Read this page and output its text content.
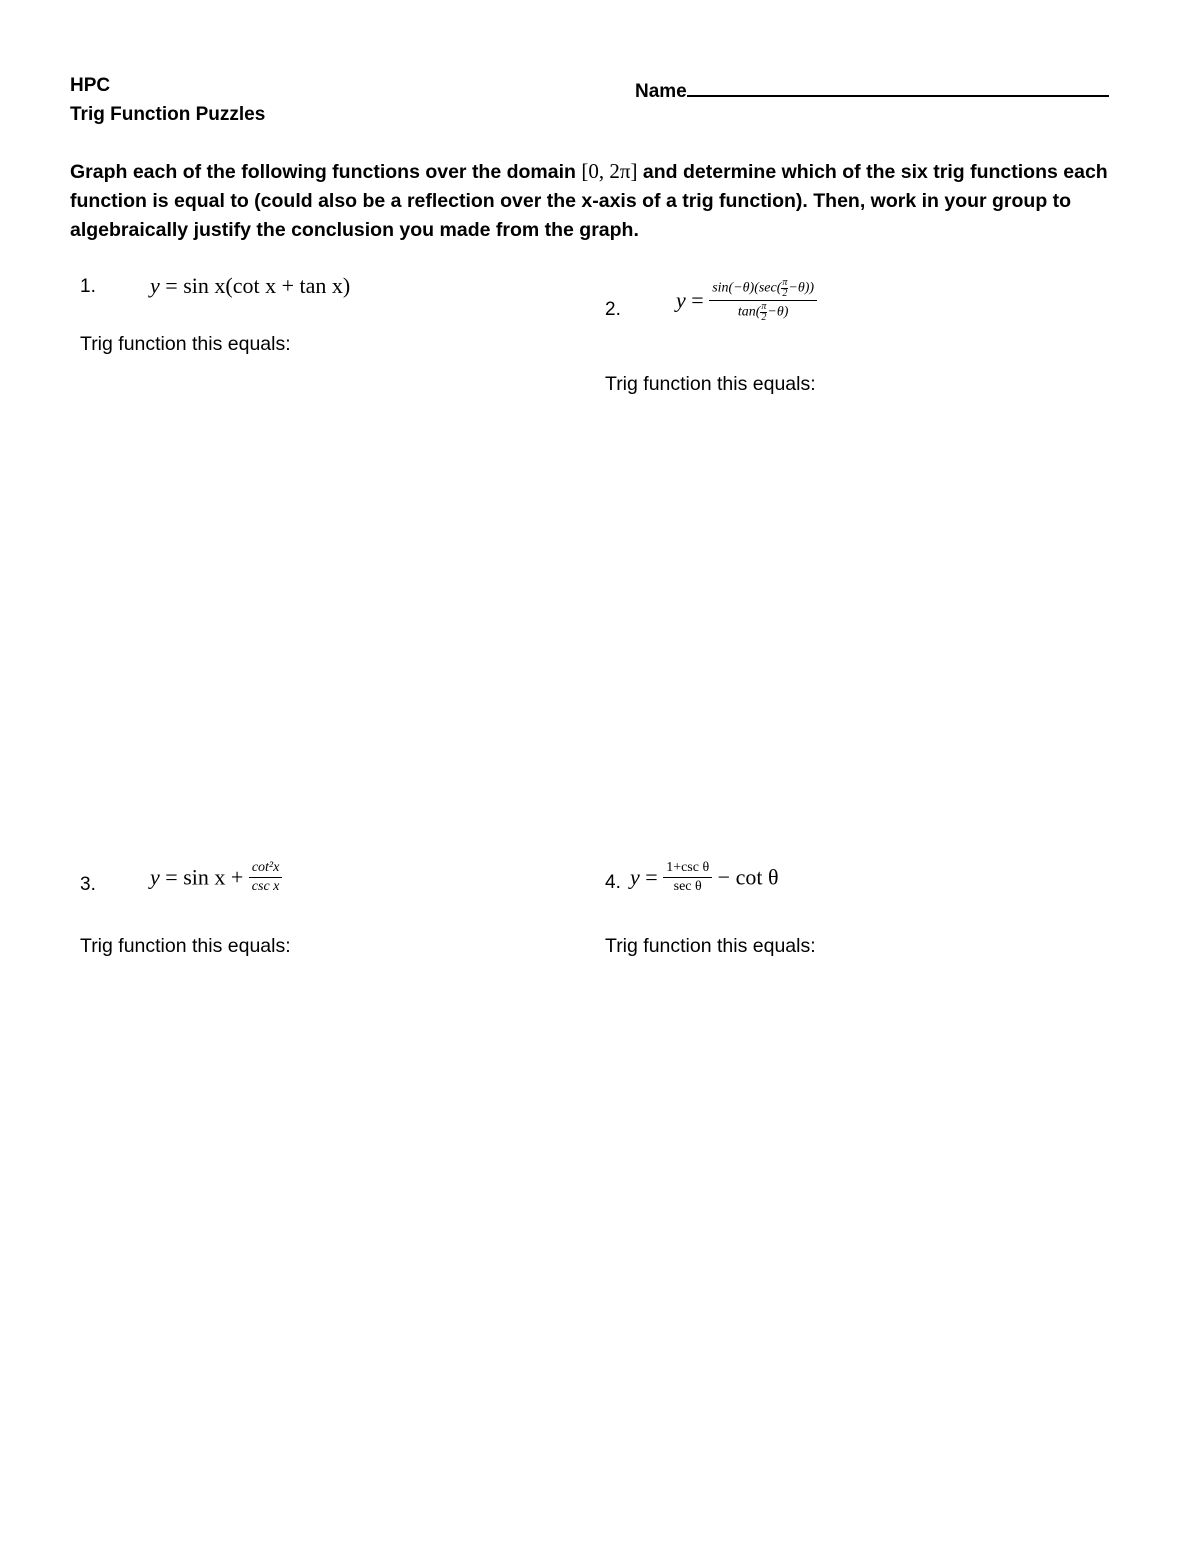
HPC
Trig Function Puzzles
Name
Graph each of the following functions over the domain [0, 2π] and determine which of the six trig functions each function is equal to (could also be a reflection over the x-axis of a trig function). Then, work in your group to algebraically justify the conclusion you made from the graph.
1. y = sin x(cot x + tan x)
Trig function this equals:
2.	$y = \frac{\sin(-\theta)(\sec( \frac{\pi}{2} -\theta))}{\tan( \frac{\pi}{2} -\theta)}$
Trig function this equals:
3. $y = \sin x + \frac{\text{cot²x}}{\text{csc x}}$
Trig function this equals:
4. $y = \frac{\text{1+csc θ}}{\text{sec θ}} - \cot \theta$
Trig function this equals:
